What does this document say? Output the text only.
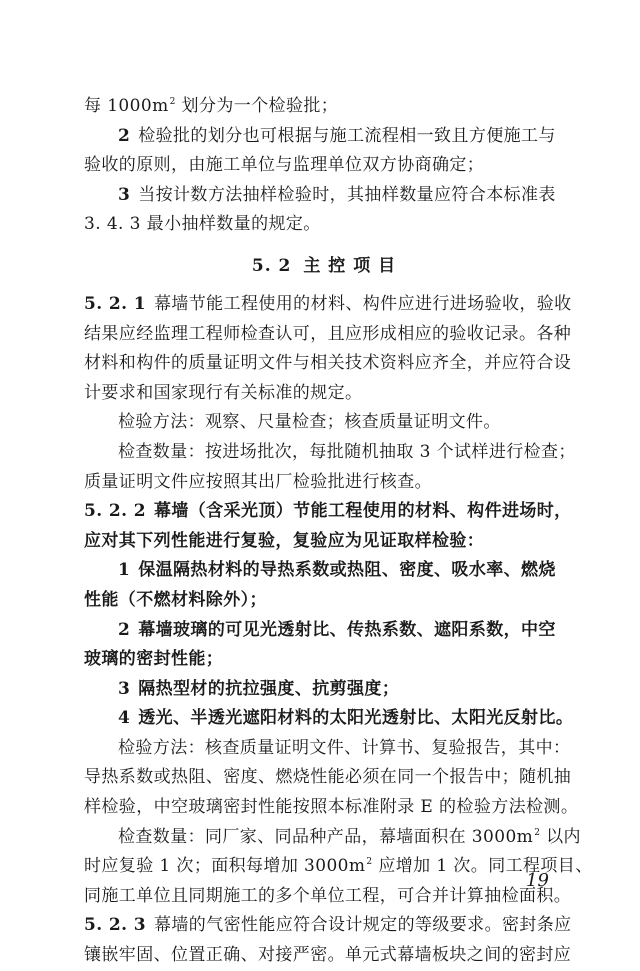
每 $1000m^2$ 划分为一个检验批；
2 检验批的划分也可根据与施工流程相一致且方便施工与
验收的原则，由施工单位与监理单位双方协商确定；
3 当按计数方法抽样检验时，其抽样数量应符合本标准表
3. 4. 3 最小抽样数量的规定。
5. 2 主 控 项 目
5. 2. 1 幕墙节能工程使用的材料、构件应进行进场验收，验收
结果应经监理工程师检查认可，且应形成相应的验收记录。各种
材料和构件的质量证明文件与相关技术资料应齐全，并应符合设
计要求和国家现行有关标准的规定。
检验方法：观察、尺量检查；核查质量证明文件。
检查数量：按进场批次，每批随机抽取 3 个试样进行检查；
质量证明文件应按照其出厂检验批进行核查。
5. 2. 2 幕墙（含采光顶）节能工程使用的材料、构件进场时，
应对其下列性能进行复验，复验应为见证取样检验：
1 保温隔热材料的导热系数或热阻、密度、吸水率、燃烧
性能（不燃材料除外）；
2 幕墙玻璃的可见光透射比、传热系数、遮阳系数，中空
玻璃的密封性能；
3 隔热型材的抗拉强度、抗剪强度；
4 透光、半透光遮阳材料的太阳光透射比、太阳光反射比。
检验方法：核查质量证明文件、计算书、复验报告，其中：
导热系数或热阻、密度、燃烧性能必须在同一个报告中；随机抽
样检验，中空玻璃密封性能按照本标准附录 E 的检验方法检测。
检查数量：同厂家、同品种产品，幕墙面积在 $3000m^2$ 以内
时应复验 1 次；面积每增加 $3000m^2$ 应增加 1 次。同工程项目、
同施工单位且同期施工的多个单位工程，可合并计算抽检面积。
5. 2. 3 幕墙的气密性能应符合设计规定的等级要求。密封条应
镶嵌牢固、位置正确、对接严密。单元式幕墙板块之间的密封应
19
